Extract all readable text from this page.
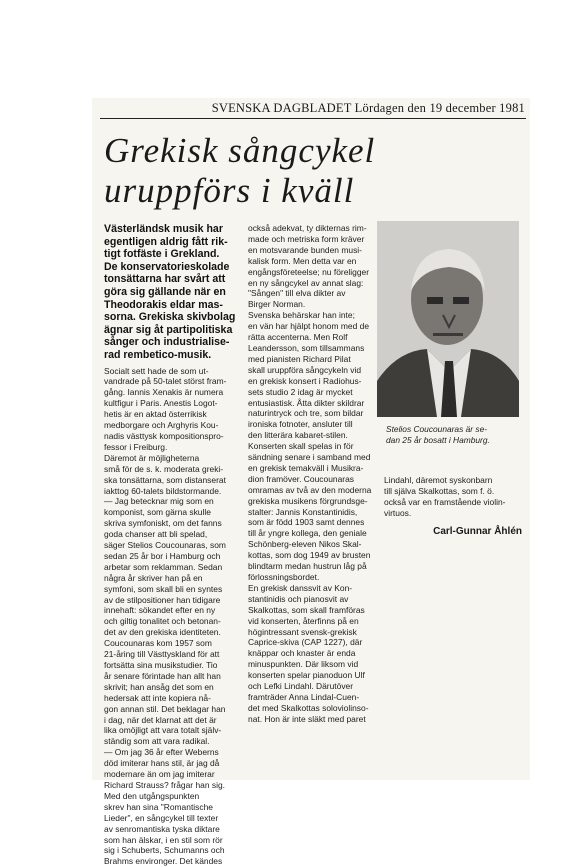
SVENSKA DAGBLADET Lördagen den 19 december 1981
Grekisk sångcykel
uruppförs i kväll

Västerländsk musik har
egentligen aldrig fått rik-
tigt fotfäste i Grekland.
De konservatorieskolade
tonsättarna har svårt att
göra sig gällande när en
Theodorakis eldar mas-
sorna. Grekiska skivbolag
ägnar sig åt partipolitiska
sånger och industrialise-
rad rembetico-musik.

Socialt sett hade de som ut-
vandrade på 50-talet störst fram-
gång. Iannis Xenakis är numera
kultfigur i Paris. Anestis Logot-
hetis är en aktad österrikisk
medborgare och Arghyris Kou-
nadis västtysk kompositionspro-
fessor i Freiburg.

Däremot är möjligheterna
små för de s. k. moderata greki-
ska tonsättarna, som distanserat
iakttog 60-talets bildstormande.
— Jag betecknar mig som en
komponist, som gärna skulle
skriva symfoniskt, om det fanns
goda chanser att bli spelad,
säger Stelios Coucounaras, som
sedan 25 år bor i Hamburg och
arbetar som reklamman. Sedan
några år skriver han på en
symfoni, som skall bli en syntes
av de stilpositioner han tidigare
innehaft: sökandet efter en ny
och giltig tonalitet och betonan-
det av den grekiska identiteten.

Coucounaras kom 1957 som
21-åring till Västtyskland för att
fortsätta sina musikstudier. Tio
år senare förintade han allt han
skrivit; han ansåg det som en
hedersak att inte kopiera nå-
gon annan stil. Det beklagar han
i dag, när det klarnat att det är
lika omöjligt att vara totalt själv-
ständig som att vara radikal.
— Om jag 36 år efter Weberns
död imiterar hans stil, är jag då
modernare än om jag imiterar
Richard Strauss? frågar han sig.

Med den utgångspunkten
skrev han sina "Romantische
Lieder", en sångcykel till texter
av senromantiska tyska diktare
som han älskar, i en stil som rör
sig i Schuberts, Schumanns och
Brahms environger. Det kändes

också adekvat, ty dikternas rim-
made och metriska form kräver
en motsvarande bunden musi-
kalisk form. Men detta var en
engångsföreteelse; nu föreligger
en ny sångcykel av annat slag:
"Sången" till elva dikter av
Birger Norman.

Svenska behärskar han inte;
en vän har hjälpt honom med de
rätta accenterna. Men Rolf
Leandersson, som tillsammans
med pianisten Richard Pilat
skall uruppföra sångcykeln vid
en grekisk konsert i Radiohus-
sets studio 2 idag är mycket
entusiastisk. Åtta dikter skildrar
naturintryck och tre, som bildar
ironiska fotnoter, ansluter till
den litterära kabaret-stilen.

Konserten skall spelas in för
sändning senare i samband med
en grekisk temakväll i Musikra-
dion framöver. Coucounaras
omramas av två av den moderna
grekiska musikens förgrundsge-
stalter: Jannis Konstantinidis,
som är född 1903 samt dennes
till år yngre kollega, den geniale
Schönberg-eleven Nikos Skal-
kottas, som dog 1949 av brusten
blindtarm medan hustrun låg på
förlossningsbordet.

En grekisk danssvit av Kon-
stantinidis och pianosvit av
Skalkottas, som skall framföras
vid konserten, återfinns på en
högintressant svensk-grekisk
Caprice-skiva (CAP 1227), där
knäppar och knaster är enda
minuspunkten. Där liksom vid
konserten spelar pianoduon Ulf
och Lefki Lindahl. Därutöver
framträder Anna Lindal-Cuen-
det med Skalkottas soloviolinso-
nat. Hon är inte släkt med paret

Stelios Coucounaras är se-
dan 25 år bosatt i Hamburg.
Lindahl, däremot syskonbarn
till själva Skalkottas, som f. ö.
också var en framstående violin-
virtuos.
Carl-Gunnar Åhlén
